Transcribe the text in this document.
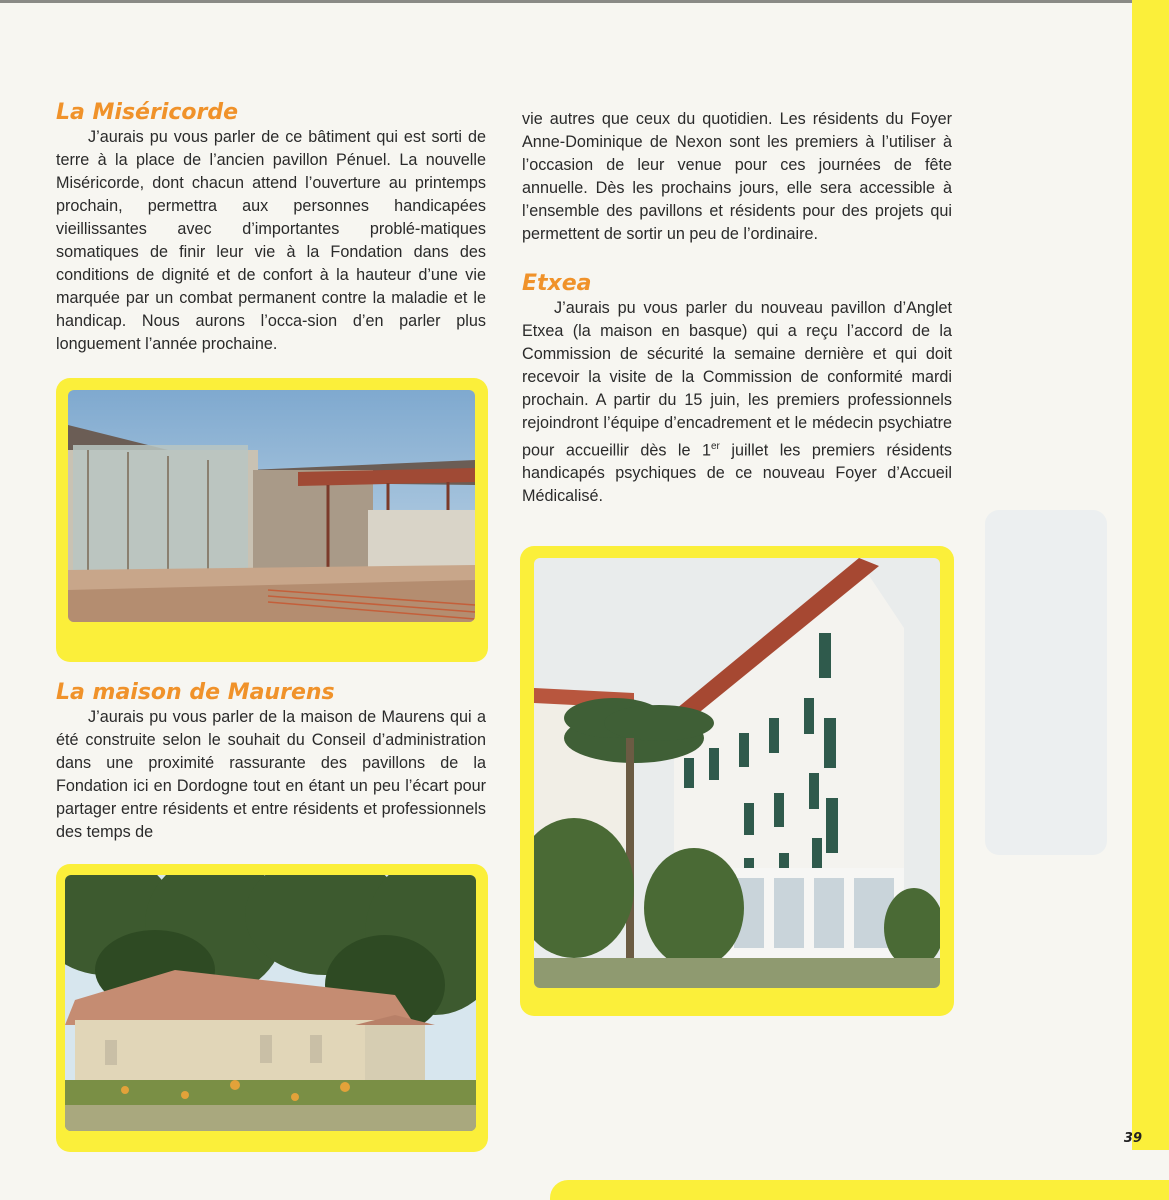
La Miséricorde

J’aurais pu vous parler de ce bâtiment qui est sorti de terre à la place de l’ancien pavillon Pénuel. La nouvelle Miséricorde, dont chacun attend l’ouverture au printemps prochain, permettra aux personnes handicapées vieillissantes avec d’importantes problé-matiques somatiques de finir leur vie à la Fondation dans des conditions de dignité et de confort à la hauteur d’une vie marquée par un combat permanent contre la maladie et le handicap. Nous aurons l’occa-sion d’en parler plus longuement l’année prochaine.

La maison de Maurens

J’aurais pu vous parler de la maison de Maurens qui a été construite selon le souhait du Conseil d’administration dans une proximité rassurante des pavillons de la Fondation ici en Dordogne tout en étant un peu l’écart pour partager entre résidents et entre résidents et professionnels des temps de

vie autres que ceux du quotidien. Les résidents du Foyer Anne-Dominique de Nexon sont les premiers à l’utiliser à l’occasion de leur venue pour ces journées de fête annuelle. Dès les prochains jours, elle sera accessible à l’ensemble des pavillons et résidents pour des projets qui permettent de sortir un peu de l’ordinaire.

Etxea

J’aurais pu vous parler du nouveau pavillon d’Anglet Etxea (la maison en basque) qui a reçu l’accord de la Commission de sécurité la semaine dernière et qui doit recevoir la visite de la Commission de conformité mardi prochain. A partir du 15 juin, les premiers professionnels rejoindront l’équipe d’encadrement et le médecin psychiatre pour accueillir dès le 1er juillet les premiers résidents handicapés psychiques de ce nouveau Foyer d’Accueil Médicalisé.

39
